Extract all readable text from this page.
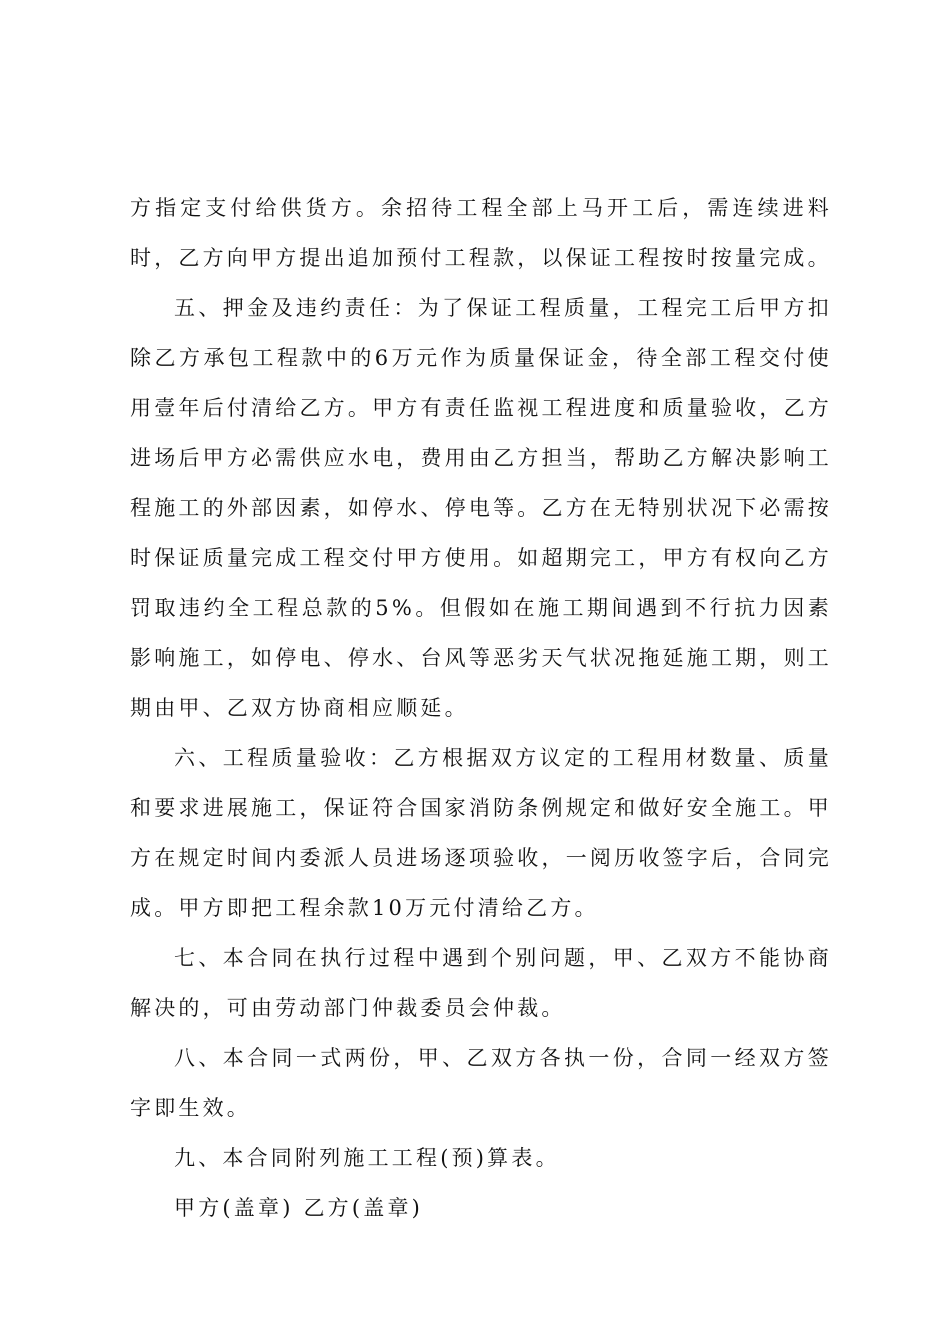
方指定支付给供货方。余招待工程全部上马开工后，需连续进料时，乙方向甲方提出追加预付工程款，以保证工程按时按量完成。

五、押金及违约责任：为了保证工程质量，工程完工后甲方扣除乙方承包工程款中的6万元作为质量保证金，待全部工程交付使用壹年后付清给乙方。甲方有责任监视工程进度和质量验收，乙方进场后甲方必需供应水电，费用由乙方担当，帮助乙方解决影响工程施工的外部因素，如停水、停电等。乙方在无特别状况下必需按时保证质量完成工程交付甲方使用。如超期完工，甲方有权向乙方罚取违约全工程总款的5%。但假如在施工期间遇到不行抗力因素影响施工，如停电、停水、台风等恶劣天气状况拖延施工期，则工期由甲、乙双方协商相应顺延。

六、工程质量验收：乙方根据双方议定的工程用材数量、质量和要求进展施工，保证符合国家消防条例规定和做好安全施工。甲方在规定时间内委派人员进场逐项验收，一阅历收签字后，合同完成。甲方即把工程余款10万元付清给乙方。

七、本合同在执行过程中遇到个别问题，甲、乙双方不能协商解决的，可由劳动部门仲裁委员会仲裁。

八、本合同一式两份，甲、乙双方各执一份，合同一经双方签字即生效。

九、本合同附列施工工程(预)算表。

甲方(盖章) 乙方(盖章)
